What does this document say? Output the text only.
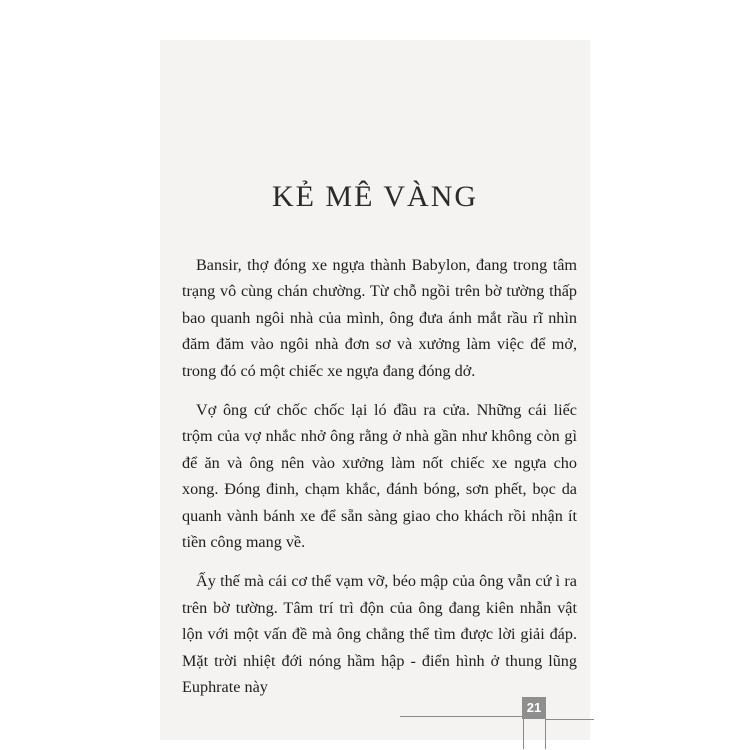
KẺ MÊ VÀNG

Bansir, thợ đóng xe ngựa thành Babylon, đang trong tâm trạng vô cùng chán chường. Từ chỗ ngồi trên bờ tường thấp bao quanh ngôi nhà của mình, ông đưa ánh mắt rầu rĩ nhìn đăm đăm vào ngôi nhà đơn sơ và xưởng làm việc để mở, trong đó có một chiếc xe ngựa đang đóng dở.

Vợ ông cứ chốc chốc lại ló đầu ra cửa. Những cái liếc trộm của vợ nhắc nhở ông rằng ở nhà gần như không còn gì để ăn và ông nên vào xưởng làm nốt chiếc xe ngựa cho xong. Đóng đinh, chạm khắc, đánh bóng, sơn phết, bọc da quanh vành bánh xe để sẵn sàng giao cho khách rồi nhận ít tiền công mang về.

Ấy thế mà cái cơ thể vạm vỡ, béo mập của ông vẫn cứ ì ra trên bờ tường. Tâm trí trì độn của ông đang kiên nhẫn vật lộn với một vấn đề mà ông chẳng thể tìm được lời giải đáp. Mặt trời nhiệt đới nóng hầm hập - điển hình ở thung lũng Euphrate này

21
